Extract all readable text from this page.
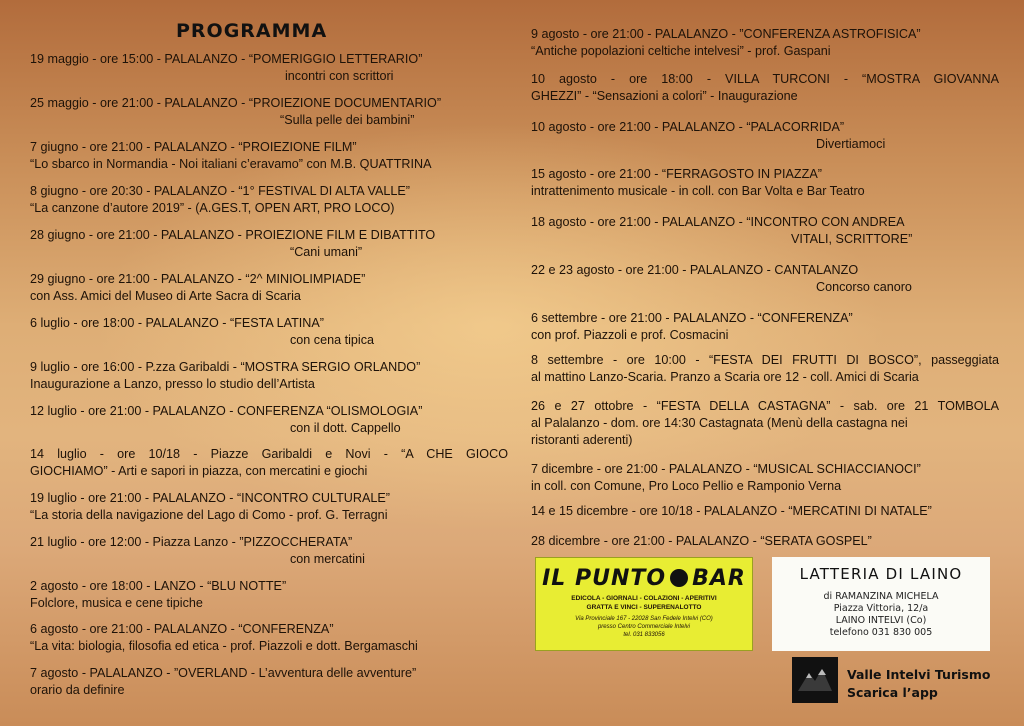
PROGRAMMA
19 maggio - ore 15:00 - PALALANZO - “POMERIGGIO LETTERARIO”
incontri con scrittori
25 maggio - ore 21:00 - PALALANZO - “PROIEZIONE DOCUMENTARIO”
“Sulla pelle dei bambini”
7 giugno - ore 21:00 - PALALANZO - “PROIEZIONE FILM”
“Lo sbarco in Normandia - Noi italiani c’eravamo” con M.B. QUATTRINA
8 giugno - ore 20:30 - PALALANZO - “1° FESTIVAL DI ALTA VALLE”
“La canzone d’autore 2019” - (A.GES.T, OPEN ART, PRO LOCO)
28 giugno - ore 21:00 - PALALANZO - PROIEZIONE FILM E DIBATTITO
“Cani umani”
29 giugno - ore 21:00 - PALALANZO - “2^ MINIOLIMPIADE”
con Ass. Amici del Museo di Arte Sacra di Scaria
6 luglio - ore 18:00 - PALALANZO - “FESTA LATINA”
con cena tipica
9 luglio - ore 16:00 - P.zza Garibaldi - “MOSTRA SERGIO ORLANDO”
Inaugurazione a Lanzo, presso lo studio dell’Artista
12 luglio - ore 21:00 - PALALANZO - CONFERENZA “OLISMOLOGIA”
con il dott. Cappello
14 luglio - ore 10/18 - Piazze Garibaldi e Novi - “A CHE GIOCO
GIOCHIAMO” - Arti e sapori in piazza, con mercatini e giochi
19 luglio - ore 21:00 - PALALANZO - “INCONTRO CULTURALE”
“La storia della navigazione del Lago di Como - prof. G. Terragni
21 luglio - ore 12:00 - Piazza Lanzo - ”PIZZOCCHERATA”
con mercatini
2 agosto - ore 18:00 - LANZO - “BLU NOTTE”
Folclore, musica e cene tipiche
6 agosto - ore 21:00 - PALALANZO - “CONFERENZA”
“La vita: biologia, filosofia ed etica - prof. Piazzoli e dott. Bergamaschi
7 agosto - PALALANZO - ”OVERLAND - L’avventura delle avventure”
orario da definire
9 agosto - ore 21:00 - PALALANZO - ”CONFERENZA ASTROFISICA”
“Antiche popolazioni celtiche intelvesi” - prof. Gaspani
10 agosto - ore 18:00 - VILLA TURCONI - “MOSTRA GIOVANNA
GHEZZI” - “Sensazioni a colori” - Inaugurazione
10 agosto - ore 21:00 - PALALANZO - “PALACORRIDA”
Divertiamoci
15 agosto - ore 21:00 - “FERRAGOSTO IN PIAZZA”
intrattenimento musicale - in coll. con Bar Volta e Bar Teatro
18 agosto - ore 21:00 - PALALANZO - “INCONTRO CON ANDREA
VITALI, SCRITTORE”
22 e 23 agosto - ore 21:00 - PALALANZO - CANTALANZO
Concorso canoro
6 settembre - ore 21:00 - PALALANZO - “CONFERENZA”
con prof. Piazzoli e prof. Cosmacini
8 settembre - ore 10:00 - “FESTA DEI FRUTTI DI BOSCO”, passeggiata
al mattino Lanzo-Scaria. Pranzo a Scaria ore 12 - coll. Amici di Scaria
26 e 27 ottobre - “FESTA DELLA CASTAGNA” - sab. ore 21 TOMBOLA
al Palalanzo - dom. ore 14:30 Castagnata (Menù della castagna nei
ristoranti aderenti)
7 dicembre - ore 21:00 - PALALANZO - “MUSICAL SCHIACCIANOCI”
in coll. con Comune, Pro Loco Pellio e Ramponio Verna
14 e 15 dicembre - ore 10/18 - PALALANZO - “MERCATINI DI NATALE”
28 dicembre - ore 21:00 - PALALANZO - “SERATA GOSPEL”
IL PUNTO BAR
EDICOLA - GIORNALI - COLAZIONI - APERITIVI
GRATTA E VINCI - SUPERENALOTTO
Via Provinciale 167 - 22028 San Fedele Intelvi (CO)
presso Centro Commerciale Intelvi
tel. 031 833056
LATTERIA DI LAINO
di RAMANZINA MICHELA
Piazza Vittoria, 12/a
LAINO INTELVI (Co)
telefono 031 830 005
Valle Intelvi Turismo
Scarica l’app
